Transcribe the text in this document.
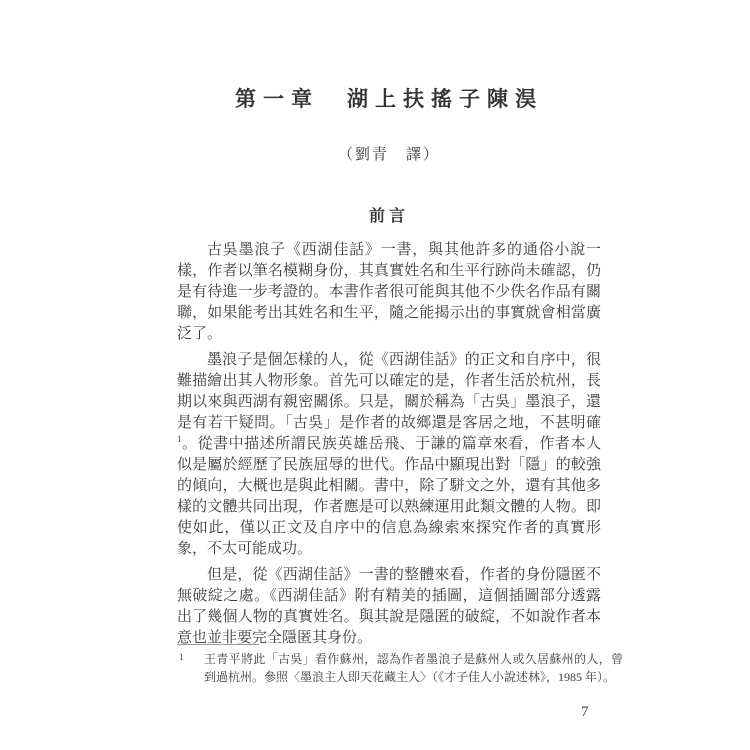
第一章　湖上扶搖子陳淏
（劉青　譯）
前言

古吳墨浪子《西湖佳話》一書，與其他許多的通俗小說一樣，作者以筆名模糊身份，其真實姓名和生平行跡尚未確認，仍是有待進一步考證的。本書作者很可能與其他不少佚名作品有關聯，如果能考出其姓名和生平，隨之能揭示出的事實就會相當廣泛了。

墨浪子是個怎樣的人，從《西湖佳話》的正文和自序中，很難描繪出其人物形象。首先可以確定的是，作者生活於杭州，長期以來與西湖有親密關係。只是，關於稱為「古吳」墨浪子，還是有若干疑問。「古吳」是作者的故鄉還是客居之地，不甚明確$^1$。從書中描述所謂民族英雄岳飛、于謙的篇章來看，作者本人似是屬於經歷了民族屈辱的世代。作品中顯現出對「隱」的較強的傾向，大概也是與此相關。書中，除了駢文之外，還有其他多樣的文體共同出現，作者應是可以熟練運用此類文體的人物。即使如此，僅以正文及自序中的信息為線索來探究作者的真實形象，不太可能成功。

但是，從《西湖佳話》一書的整體來看，作者的身份隱匿不無破綻之處。《西湖佳話》附有精美的插圖，這個插圖部分透露出了幾個人物的真實姓名。與其說是隱匿的破綻，不如說作者本意也並非要完全隱匿其身份。

1 王青平將此「古吳」看作蘇州，認為作者墨浪子是蘇州人或久居蘇州的人，曾到過杭州。參照〈墨浪主人即天花藏主人〉（《才子佳人小說述林》，1985 年）。
7
